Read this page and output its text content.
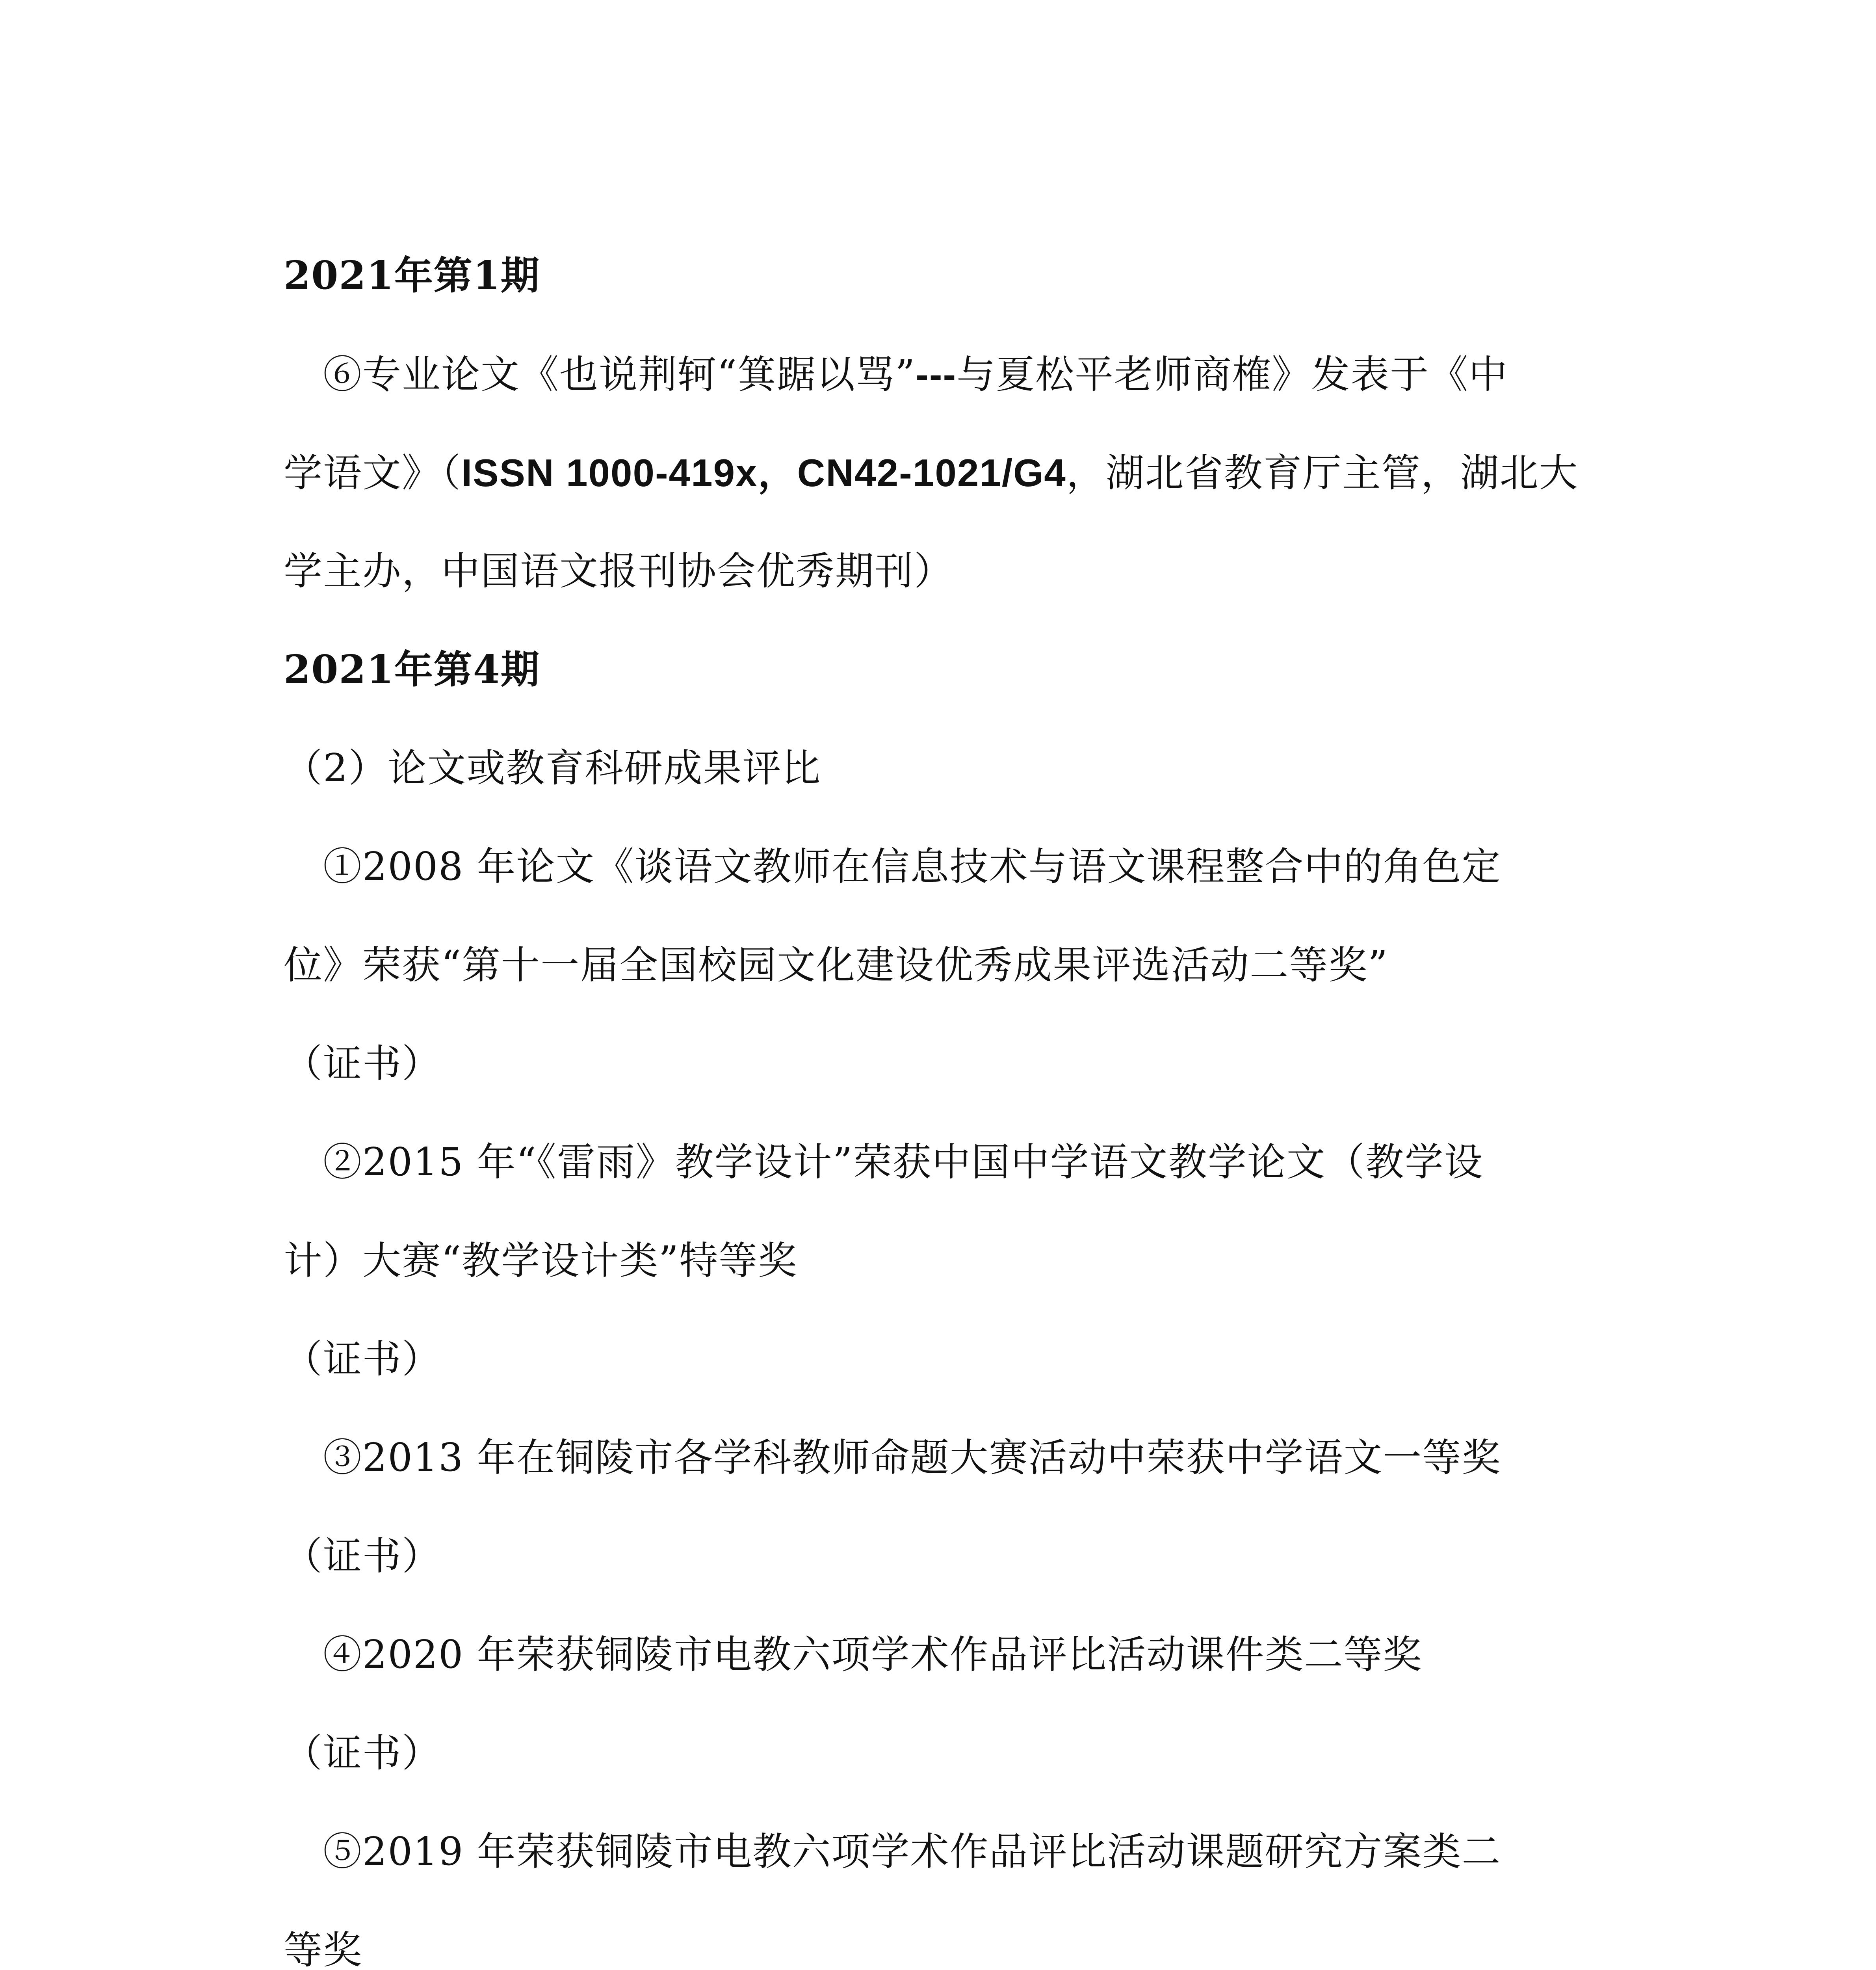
2021年第1期
⑥专业论文《也说荆轲“箕踞以骂”---与夏松平老师商榷》发表于《中
学语文》（ISSN 1000-419x，CN42-1021/G4，湖北省教育厅主管，湖北大
学主办，中国语文报刊协会优秀期刊）
2021年第4期
（2）论文或教育科研成果评比
①2008 年论文《谈语文教师在信息技术与语文课程整合中的角色定
位》荣获“第十一届全国校园文化建设优秀成果评选活动二等奖”
（证书）
②2015 年“《雷雨》教学设计”荣获中国中学语文教学论文（教学设
计）大赛“教学设计类”特等奖
（证书）
③2013 年在铜陵市各学科教师命题大赛活动中荣获中学语文一等奖
（证书）
④2020 年荣获铜陵市电教六项学术作品评比活动课件类二等奖
（证书）
⑤2019 年荣获铜陵市电教六项学术作品评比活动课题研究方案类二
等奖
